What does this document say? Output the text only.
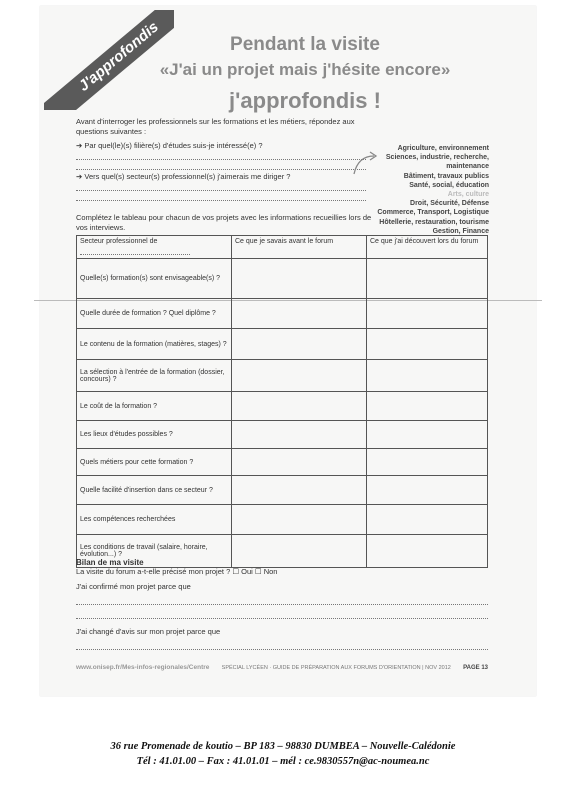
J'approfondis	Pendant la visite
«J'ai un projet mais j'hésite encore»
j'approfondis !
Avant d'interroger les professionnels sur les formations et les métiers, répondez aux questions suivantes :
➔ Par quel(le)(s) filière(s) d'études suis-je intéressé(e) ?
➔ Vers quel(s) secteur(s) professionnel(s) j'aimerais me diriger ?
Agriculture, environnement
Sciences, industrie, recherche,
maintenance
Bâtiment, travaux publics
Santé, social, éducation
Arts, culture
Droit, Sécurité, Défense
Commerce, Transport, Logistique
Hôtellerie, restauration, tourisme
Gestion, Finance
Complétez le tableau pour chacun de vos projets avec les informations recueillies lors de vos interviews.
Secteur professionnel de	Ce que je savais avant le forum	Ce que j'ai découvert lors du forum
Quelle(s) formation(s) sont envisageable(s) ?		
Quelle durée de formation ? Quel diplôme ?		
Le contenu de la formation (matières, stages) ?		
La sélection à l'entrée de la formation (dossier, concours) ?		
Le coût de la formation ?		
Les lieux d'études possibles ?		
Quels métiers pour cette formation ?		
Quelle facilité d'insertion dans ce secteur ?		
Les compétences recherchées		
Les conditions de travail (salaire, horaire, évolution...) ?		
Bilan de ma visite
La visite du forum a-t-elle précisé mon projet ? ☐ Oui ☐ Non
J'ai confirmé mon projet parce que
J'ai changé d'avis sur mon projet parce que
www.onisep.fr/Mes-infos-regionales/Centre SPÉCIAL LYCÉEN · GUIDE DE PRÉPARATION AUX FORUMS D'ORIENTATION | NOV 2012 PAGE 13
36 rue Promenade de koutio – BP 183 – 98830 DUMBEA – Nouvelle-Calédonie
Tél : 41.01.00 – Fax : 41.01.01 – mél : ce.9830557n@ac-noumea.nc
